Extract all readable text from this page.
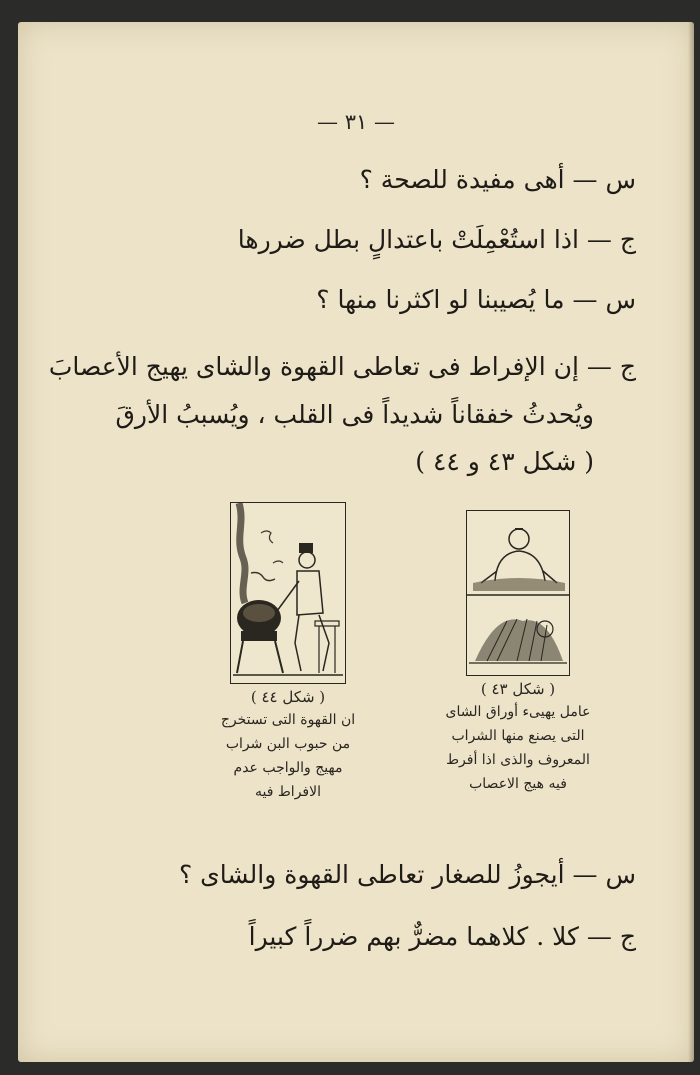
— ٣١ —
س — أهى مفيدة للصحة ؟
ج — اذا استُعْمِلَتْ باعتدالٍ بطل ضررها
س — ما يُصيبنا لو اكثرنا منها ؟
ج — إن الإفراط فى تعاطى القهوة والشاى يهيج الأعصابَ
ويُحدثُ خفقاناً شديداً فى القلب ، ويُسببُ الأرقَ
( شكل ٤٣ و ٤٤ )
( شكل ٤٤ )
ان القهوة التى تستخرج
من حبوب البن شراب
مهيج والواجب عدم
الافراط فيه
( شكل ٤٣ )
عامل يهيىء أوراق الشاى
التى يصنع منها الشراب
المعروف والذى اذا أفرط
فيه هيج الاعصاب
س — أيجوزُ للصغار تعاطى القهوة والشاى ؟
ج — كلا . كلاهما مضرٌّ بهم ضرراً كبيراً
